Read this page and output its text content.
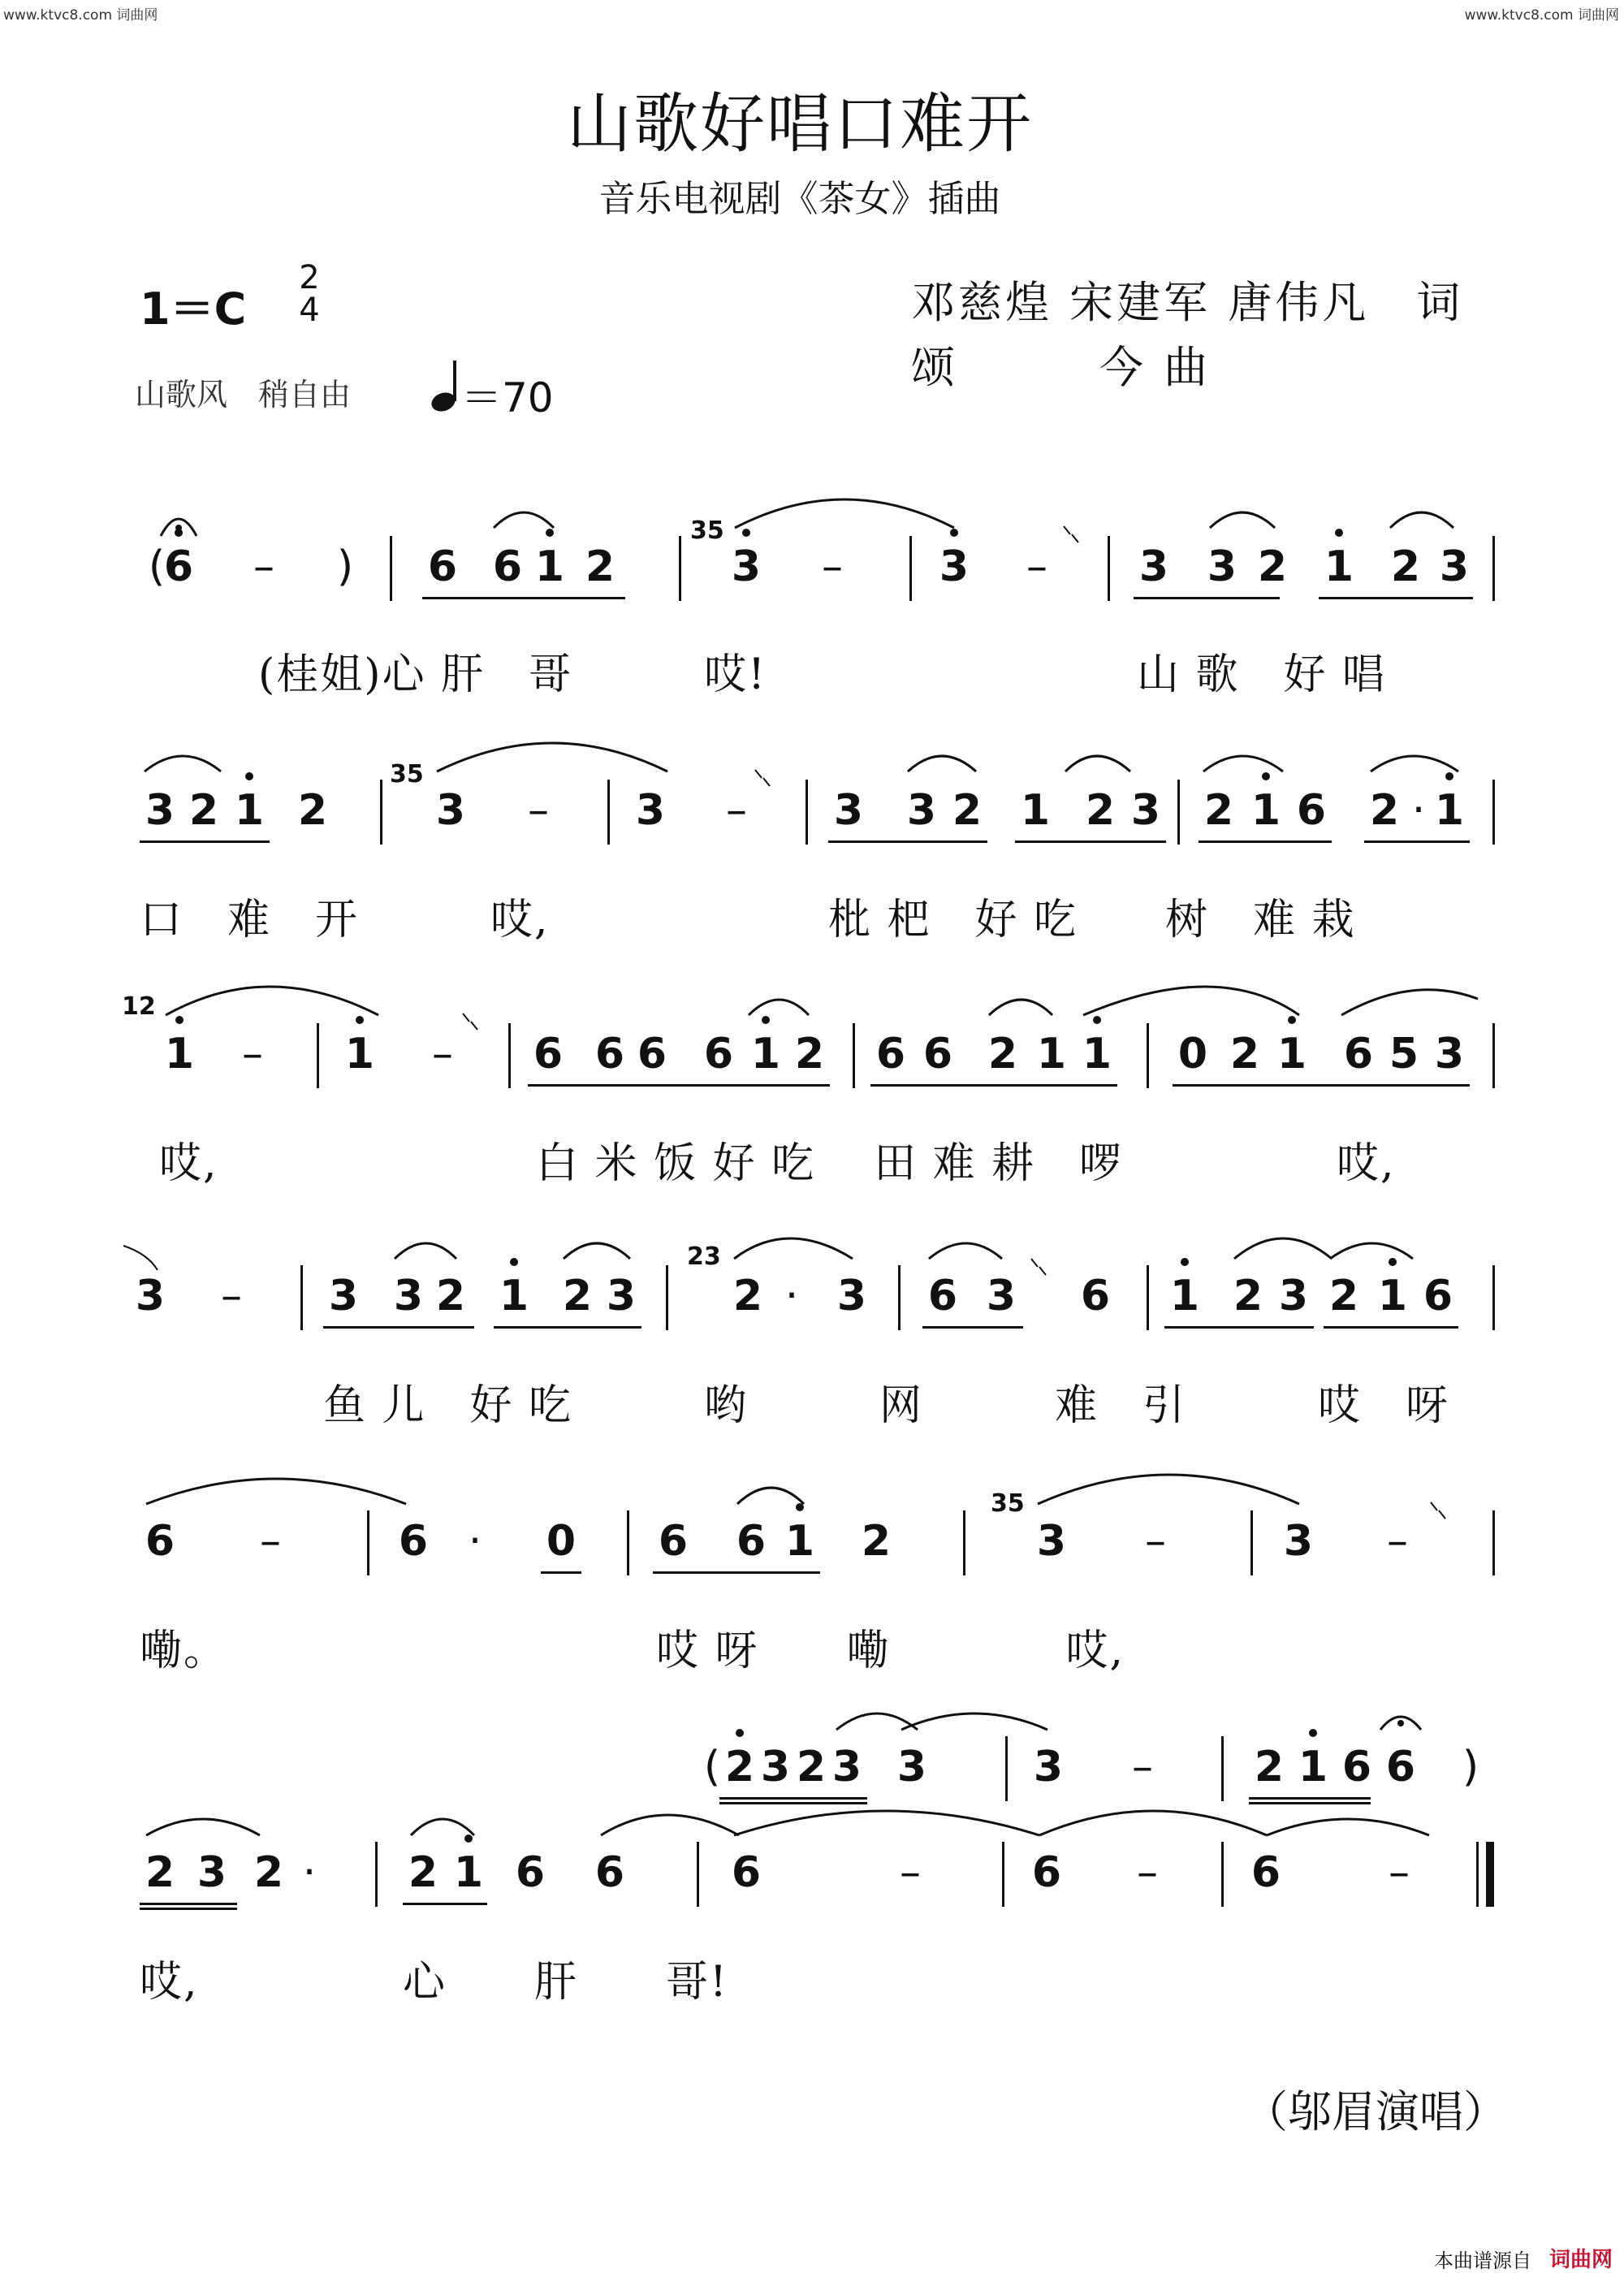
www.ktvc8.com 词曲网	www.ktvc8.com 词曲网
山歌好唱口难开
音乐电视剧《茶女》插曲
1＝C
2
4
山歌风　稍自由	＝70
邓慈煌 宋建军 唐伟凡　词
颂　　　今 曲
(
6 – ) 6 6 1 2
35
3 – 3 – 3 3 2 1 2 3
(桂姐)心 肝　哥　　　哎!	山 歌　好 唱
3 2 1 2
35
3 – 3 – 3 3 2 1 2 3 2 1 6 2 · 1
口　难　开　　　哎,	枇 杷　好 吃　　树　难 栽
12
1 – 1 – 6 6 6 6 1 2 6 6 2 1 1 0 2 1 6 5 3
哎,	白 米 饭 好 吃 田 难 耕　啰	哎,
3 – 3 3 2 1 2 3
23
2 · 3 6 3 6 1 2 3 2 1 6
鱼 儿　好 吃　　　哟　　　网　　　难　引　　　哎　呀
6 –	6 ·	0 6 6 1 2
35
3 –	3 –
嘞。	哎 呀　　嘞　　　　哎,
( 2 3 2 3 3	3 – 2 1 6 6 )
2 3 2 ·	2 1 6 6	6	–	6 – 6	–
哎,	心　　肝　　哥!
（邬眉演唱）
本曲谱源自 词曲网
